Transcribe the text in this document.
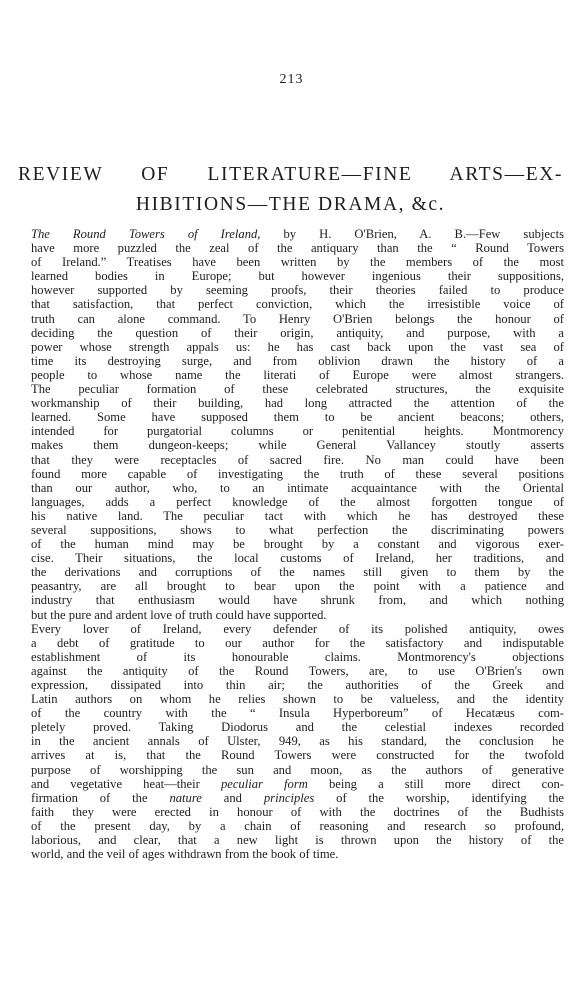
213
REVIEW OF LITERATURE—FINE ARTS—EX-
HIBITIONS—THE DRAMA, &c.
The Round Towers of Ireland, by H. O'Brien, A. B.—Few subjects
have more puzzled the zeal of the antiquary than the “ Round Towers
of Ireland.” Treatises have been written by the members of the most
learned bodies in Europe; but however ingenious their suppositions,
however supported by seeming proofs, their theories failed to produce
that satisfaction, that perfect conviction, which the irresistible voice of
truth can alone command. To Henry O'Brien belongs the honour of
deciding the question of their origin, antiquity, and purpose, with a
power whose strength appals us: he has cast back upon the vast sea of
time its destroying surge, and from oblivion drawn the history of a
people to whose name the literati of Europe were almost strangers.
The peculiar formation of these celebrated structures, the exquisite
workmanship of their building, had long attracted the attention of the
learned. Some have supposed them to be ancient beacons; others,
intended for purgatorial columns or penitential heights. Montmorency
makes them dungeon-keeps; while General Vallancey stoutly asserts
that they were receptacles of sacred fire. No man could have been
found more capable of investigating the truth of these several positions
than our author, who, to an intimate acquaintance with the Oriental
languages, adds a perfect knowledge of the almost forgotten tongue of
his native land. The peculiar tact with which he has destroyed these
several suppositions, shows to what perfection the discriminating powers
of the human mind may be brought by a constant and vigorous exer-
cise. Their situations, the local customs of Ireland, her traditions, and
the derivations and corruptions of the names still given to them by the
peasantry, are all brought to bear upon the point with a patience and
industry that enthusiasm would have shrunk from, and which nothing
but the pure and ardent love of truth could have supported.
Every lover of Ireland, every defender of its polished antiquity, owes
a debt of gratitude to our author for the satisfactory and indisputable
establishment of its honourable claims. Montmorency's objections
against the antiquity of the Round Towers, are, to use O'Brien's own
expression, dissipated into thin air; the authorities of the Greek and
Latin authors on whom he relies shown to be valueless, and the identity
of the country with the “ Insula Hyperboreum” of Hecatæus com-
pletely proved. Taking Diodorus and the celestial indexes recorded
in the ancient annals of Ulster, 949, as his standard, the conclusion he
arrives at is, that the Round Towers were constructed for the twofold
purpose of worshipping the sun and moon, as the authors of generative
and vegetative heat—their peculiar form being a still more direct con-
firmation of the nature and principles of the worship, identifying the
faith they were erected in honour of with the doctrines of the Budhists
of the present day, by a chain of reasoning and research so profound,
laborious, and clear, that a new light is thrown upon the history of the
world, and the veil of ages withdrawn from the book of time.
